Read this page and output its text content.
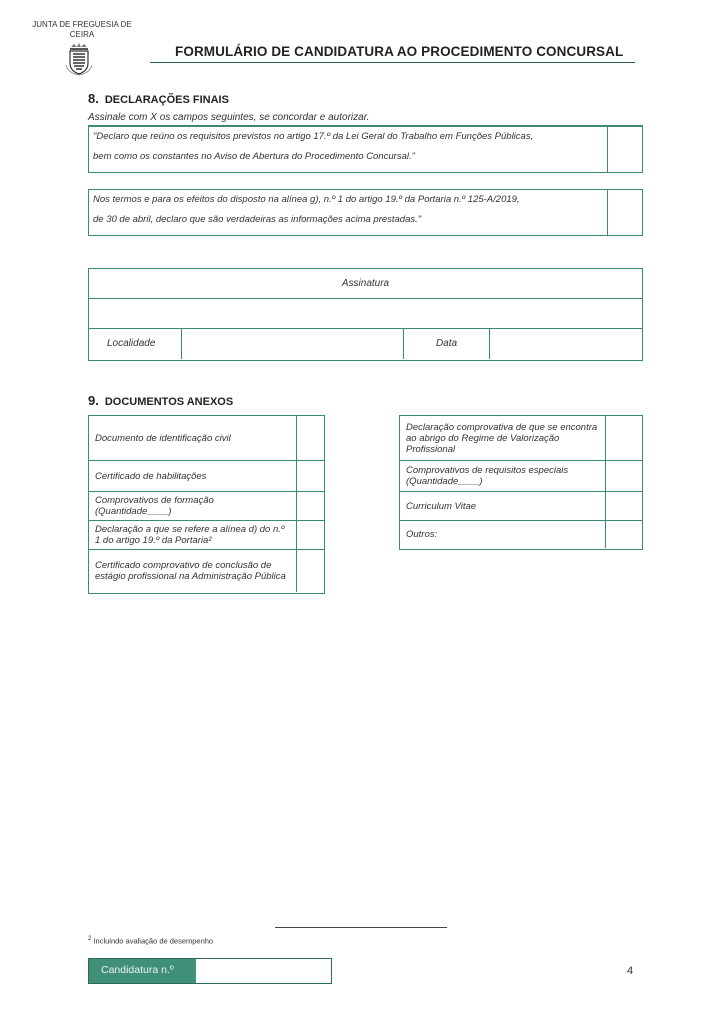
JUNTA DE FREGUESIA DE
CEIRA
FORMULÁRIO DE CANDIDATURA AO PROCEDIMENTO CONCURSAL
8. DECLARAÇÕES FINAIS
Assinale com X os campos seguintes, se concordar e autorizar.
"Declaro que reúno os requisitos previstos no artigo 17.º da Lei Geral do Trabalho em Funções Públicas,
bem como os constantes no Aviso de Abertura do Procedimento Concursal."
Nos termos e para os efeitos do disposto na alínea g), n.º 1 do artigo 19.º da Portaria n.º 125-A/2019,
de 30 de abril, declaro que são verdadeiras as informações acima prestadas."
Assinatura
Localidade	Data
9. DOCUMENTOS ANEXOS
Documento de identificação civil
Certificado de habilitações
Comprovativos de formação (Quantidade____)
Declaração a que se refere a alínea d) do n.º 1 do artigo 19.º da Portaria²
Certificado comprovativo de conclusão de estágio profissional na Administração Pública
Declaração comprovativa de que se encontra ao abrigo do Regime de Valorização Profissional
Comprovativos de requisitos especiais (Quantidade____)
Curriculum Vitae
Outros:
$^2$ Incluindo avaliação de desempenho
Candidatura n.º	4
